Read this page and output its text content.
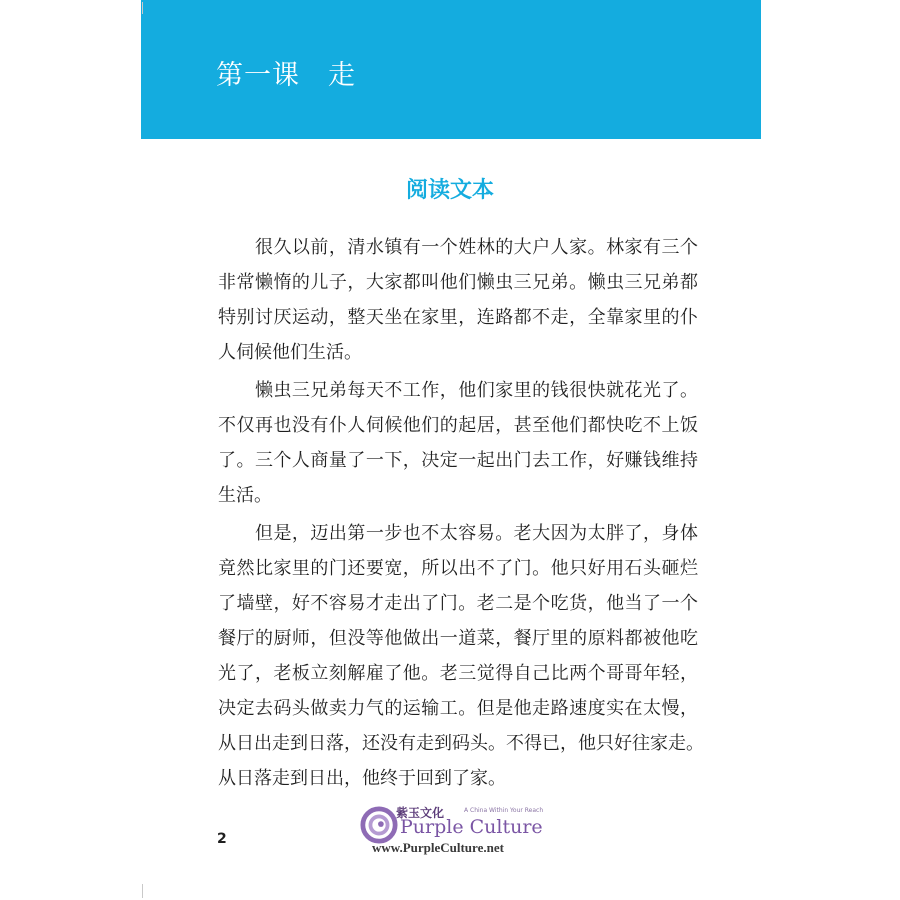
第一课　走
阅读文本
　　很久以前，清水镇有一个姓林的大户人家。林家有三个
非常懒惰的儿子，大家都叫他们懒虫三兄弟。懒虫三兄弟都
特别讨厌运动，整天坐在家里，连路都不走，全靠家里的仆
人伺候他们生活。
　　懒虫三兄弟每天不工作，他们家里的钱很快就花光了。
不仅再也没有仆人伺候他们的起居，甚至他们都快吃不上饭
了。三个人商量了一下，决定一起出门去工作，好赚钱维持
生活。
　　但是，迈出第一步也不太容易。老大因为太胖了，身体
竟然比家里的门还要宽，所以出不了门。他只好用石头砸烂
了墙壁，好不容易才走出了门。老二是个吃货，他当了一个
餐厅的厨师，但没等他做出一道菜，餐厅里的原料都被他吃
光了，老板立刻解雇了他。老三觉得自己比两个哥哥年轻，
决定去码头做卖力气的运输工。但是他走路速度实在太慢，
从日出走到日落，还没有走到码头。不得已，他只好往家走。
从日落走到日出，他终于回到了家。
2
紫玉文化	A China Within Your Reach
Purple Culture
www.PurpleCulture.net
